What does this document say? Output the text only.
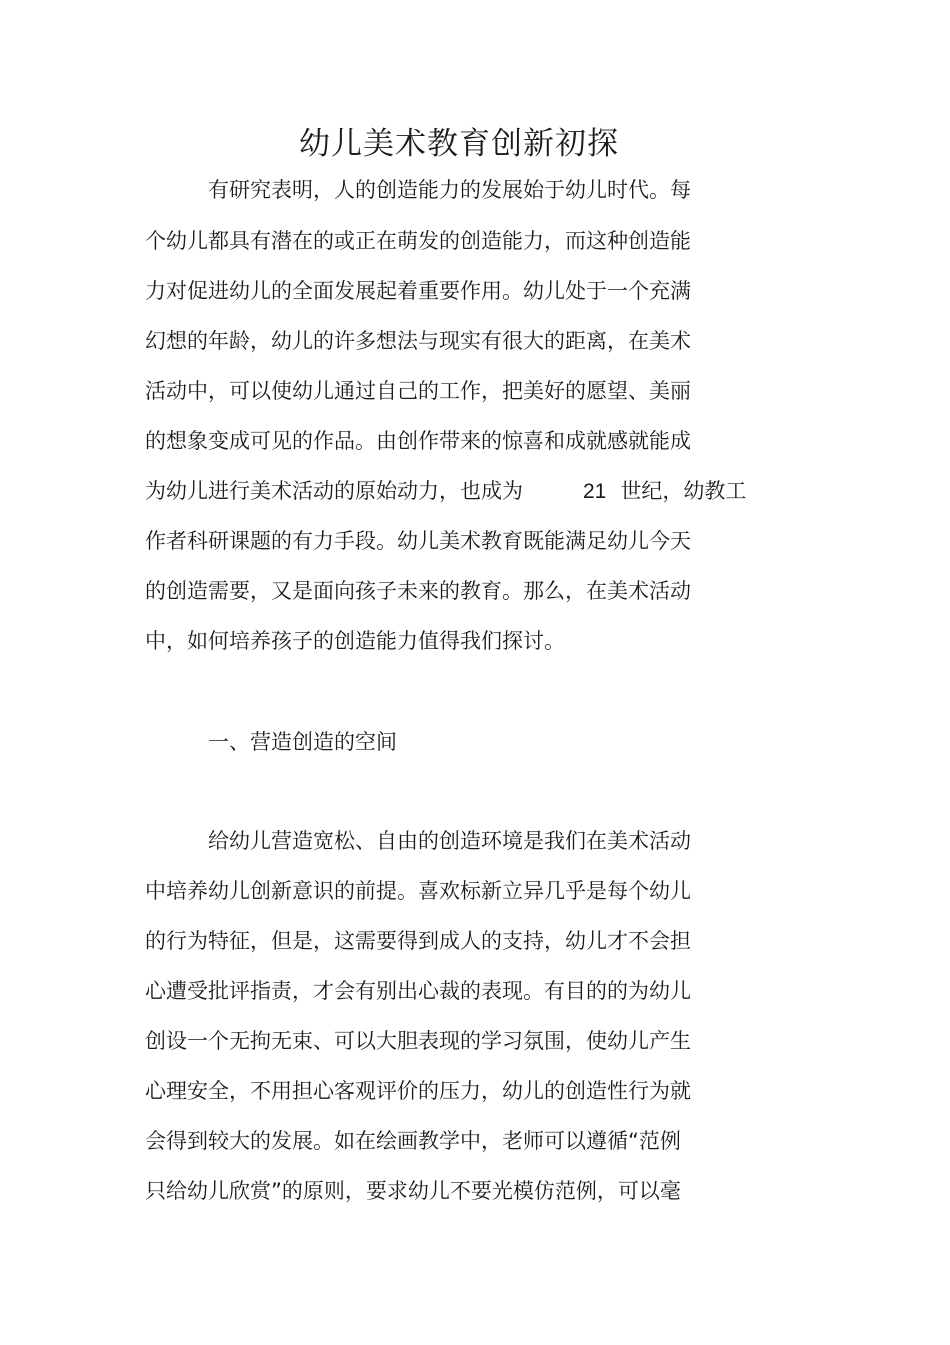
幼儿美术教育创新初探
有研究表明，人的创造能力的发展始于幼儿时代。每
个幼儿都具有潜在的或正在萌发的创造能力，而这种创造能
力对促进幼儿的全面发展起着重要作用。幼儿处于一个充满
幻想的年龄，幼儿的许多想法与现实有很大的距离，在美术
活动中，可以使幼儿通过自己的工作，把美好的愿望、美丽
的想象变成可见的作品。由创作带来的惊喜和成就感就能成
为幼儿进行美术活动的原始动力，也成为	21 世纪，幼教工
作者科研课题的有力手段。幼儿美术教育既能满足幼儿今天
的创造需要，又是面向孩子未来的教育。那么，在美术活动
中，如何培养孩子的创造能力值得我们探讨。
一、营造创造的空间
给幼儿营造宽松、自由的创造环境是我们在美术活动
中培养幼儿创新意识的前提。喜欢标新立异几乎是每个幼儿
的行为特征，但是，这需要得到成人的支持，幼儿才不会担
心遭受批评指责，才会有别出心裁的表现。有目的的为幼儿
创设一个无拘无束、可以大胆表现的学习氛围，使幼儿产生
心理安全，不用担心客观评价的压力，幼儿的创造性行为就
会得到较大的发展。如在绘画教学中，老师可以遵循“范例
只给幼儿欣赏”的原则，要求幼儿不要光模仿范例，可以毫
